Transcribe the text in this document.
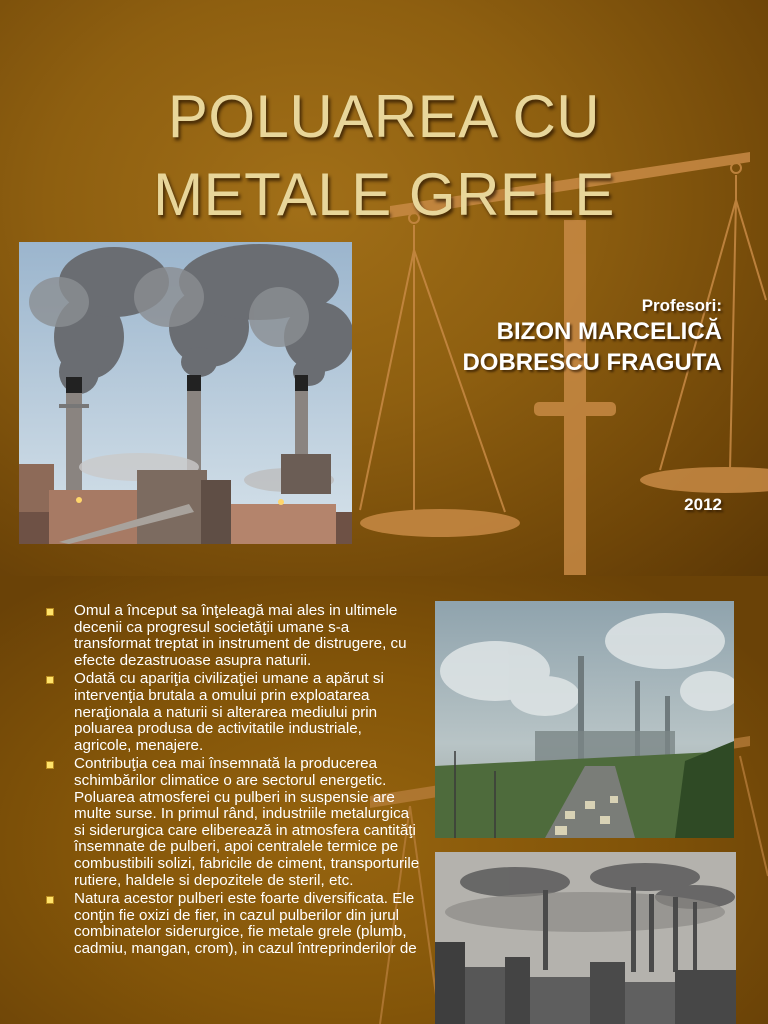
POLUAREA CU
METALE GRELE
Profesori:
BIZON MARCELICĂ
DOBRESCU FRAGUTA
2012
Omul a început sa înţeleagă mai ales in ultimele decenii ca progresul societăţii umane s-a transformat treptat in instrument de distrugere, cu efecte dezastruoase asupra naturii.
Odată cu apariţia civilizaţiei umane a apărut si intervenţia brutala a omului prin exploatarea neraţionala a naturii si alterarea mediului prin poluarea produsa de activitatile industriale, agricole, menajere.
Contribuţia cea mai însemnată la producerea schimbărilor climatice o are sectorul energetic. Poluarea atmosferei cu pulberi in suspensie are multe surse. In primul rând, industriile metalurgica si siderurgica care eliberează in atmosfera cantităţi însemnate de pulberi, apoi centralele termice pe combustibili solizi, fabricile de ciment, transporturile rutiere, haldele si depozitele de steril, etc.
Natura acestor pulberi este foarte diversificata. Ele conţin fie oxizi de fier, in cazul pulberilor din jurul combinatelor siderurgice, fie metale grele (plumb, cadmiu, mangan, crom), in cazul întreprinderilor de
